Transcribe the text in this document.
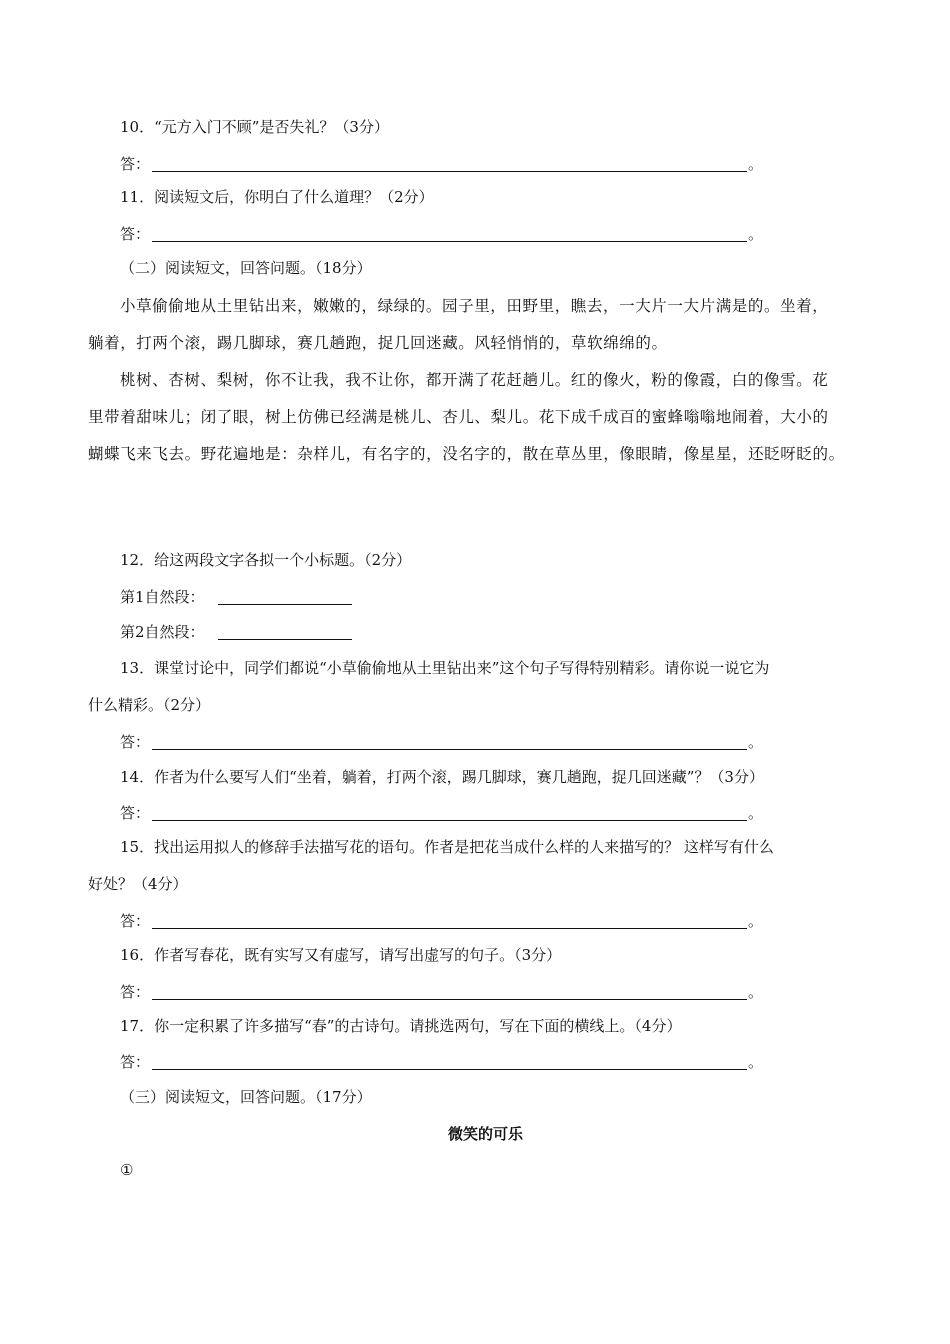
10．“元方入门不顾”是否失礼？（3分）
答：	。
11．阅读短文后，你明白了什么道理？（2分）
答：	。
（二）阅读短文，回答问题。（18分）
小草偷偷地从土里钻出来，嫩嫩的，绿绿的。园子里，田野里，瞧去，一大片一大片满是的。坐着，
躺着，打两个滚，踢几脚球，赛几趟跑，捉几回迷藏。风轻悄悄的，草软绵绵的。
桃树、杏树、梨树，你不让我，我不让你，都开满了花赶趟儿。红的像火，粉的像霞，白的像雪。花
里带着甜味儿；闭了眼，树上仿佛已经满是桃儿、杏儿、梨儿。花下成千成百的蜜蜂嗡嗡地闹着，大小的
蝴蝶飞来飞去。野花遍地是：杂样儿，有名字的，没名字的，散在草丛里，像眼睛，像星星，还眨呀眨的。
12．给这两段文字各拟一个小标题。（2分）
第1自然段：
第2自然段：
13．课堂讨论中，同学们都说“小草偷偷地从土里钻出来”这个句子写得特别精彩。请你说一说它为
什么精彩。（2分）
答：	。
14．作者为什么要写人们“坐着，躺着，打两个滚，踢几脚球，赛几趟跑，捉几回迷藏”？（3分）
答：	。
15．找出运用拟人的修辞手法描写花的语句。作者是把花当成什么样的人来描写的？ 这样写有什么
好处？（4分）
答：	。
16．作者写春花，既有实写又有虚写，请写出虚写的句子。（3分）
答：	。
17．你一定积累了许多描写“春”的古诗句。请挑选两句，写在下面的横线上。（4分）
答：	。
（三）阅读短文，回答问题。（17分）
微笑的可乐
①
